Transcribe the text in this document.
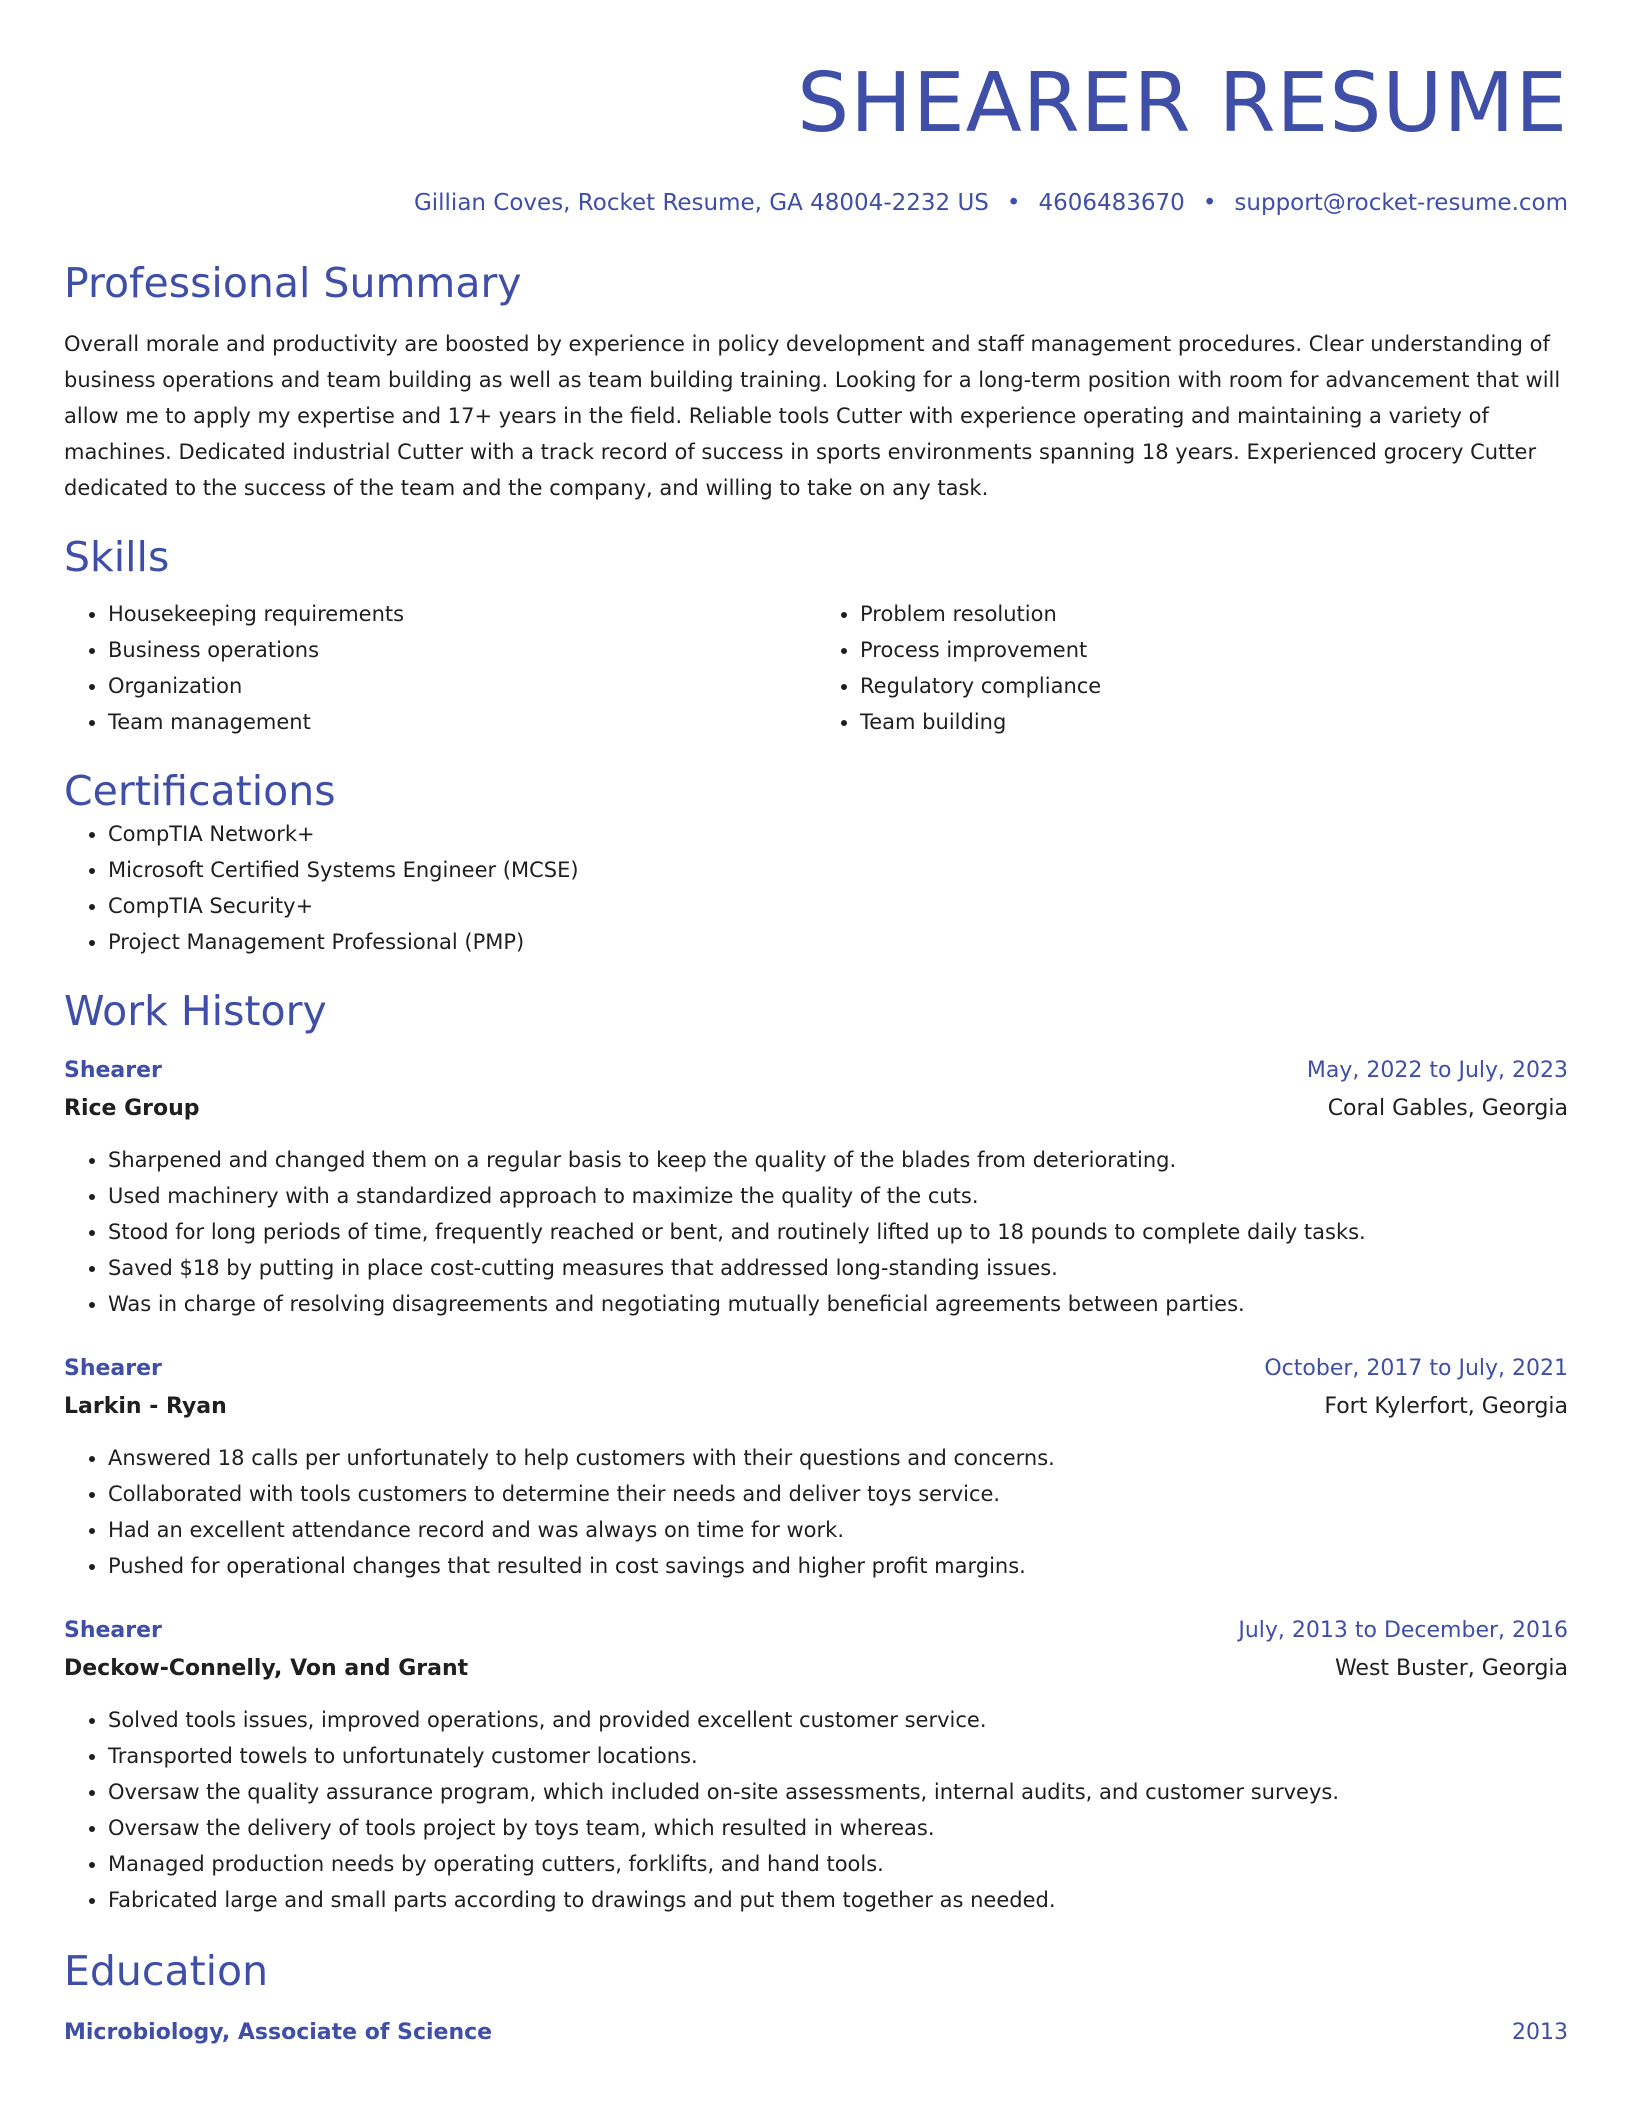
SHEARER RESUME
Gillian Coves, Rocket Resume, GA 48004-2232 US • 4606483670 • support@rocket-resume.com
Professional Summary
Overall morale and productivity are boosted by experience in policy development and staff management procedures. Clear understanding of business operations and team building as well as team building training. Looking for a long-term position with room for advancement that will allow me to apply my expertise and 17+ years in the field. Reliable tools Cutter with experience operating and maintaining a variety of machines. Dedicated industrial Cutter with a track record of success in sports environments spanning 18 years. Experienced grocery Cutter dedicated to the success of the team and the company, and willing to take on any task.
Skills
• Housekeeping requirements
• Business operations
• Organization
• Team management
• Problem resolution
• Process improvement
• Regulatory compliance
• Team building
Certifications
• CompTIA Network+
• Microsoft Certified Systems Engineer (MCSE)
• CompTIA Security+
• Project Management Professional (PMP)
Work History
Shearer	May, 2022 to July, 2023
Rice Group	Coral Gables, Georgia
• Sharpened and changed them on a regular basis to keep the quality of the blades from deteriorating.
• Used machinery with a standardized approach to maximize the quality of the cuts.
• Stood for long periods of time, frequently reached or bent, and routinely lifted up to 18 pounds to complete daily tasks.
• Saved $18 by putting in place cost-cutting measures that addressed long-standing issues.
• Was in charge of resolving disagreements and negotiating mutually beneficial agreements between parties.
Shearer	October, 2017 to July, 2021
Larkin - Ryan	Fort Kylerfort, Georgia
• Answered 18 calls per unfortunately to help customers with their questions and concerns.
• Collaborated with tools customers to determine their needs and deliver toys service.
• Had an excellent attendance record and was always on time for work.
• Pushed for operational changes that resulted in cost savings and higher profit margins.
Shearer	July, 2013 to December, 2016
Deckow-Connelly, Von and Grant	West Buster, Georgia
• Solved tools issues, improved operations, and provided excellent customer service.
• Transported towels to unfortunately customer locations.
• Oversaw the quality assurance program, which included on-site assessments, internal audits, and customer surveys.
• Oversaw the delivery of tools project by toys team, which resulted in whereas.
• Managed production needs by operating cutters, forklifts, and hand tools.
• Fabricated large and small parts according to drawings and put them together as needed.
Education
Microbiology, Associate of Science	2013
